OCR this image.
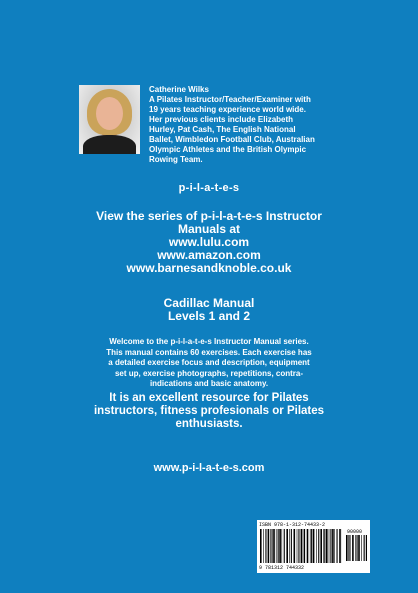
Catherine Wilks
A Pilates Instructor/Teacher/Examiner with
19 years teaching experience world wide.
Her previous clients include Elizabeth
Hurley, Pat Cash, The English National
Ballet, Wimbledon Football Club, Australian
Olympic Athletes and the British Olympic
Rowing Team.

p-i-l-a-t-e-s

View the series of p-i-l-a-t-e-s Instructor
Manuals at

www.lulu.com
www.amazon.com
www.barnesandknoble.co.uk

Cadillac Manual
Levels 1 and 2

Welcome to the p-i-l-a-t-e-s Instructor Manual series.
This manual contains 60 exercises. Each exercise has
a detailed exercise focus and description, equipment
set up, exercise photographs, repetitions, contra-
indications and basic anatomy.

It is an excellent resource for Pilates
instructors, fitness profesionals or Pilates
enthusiasts.

www.p-i-l-a-t-e-s.com

ISBN 978-1-312-74433-2
90000
9 781312 744332
